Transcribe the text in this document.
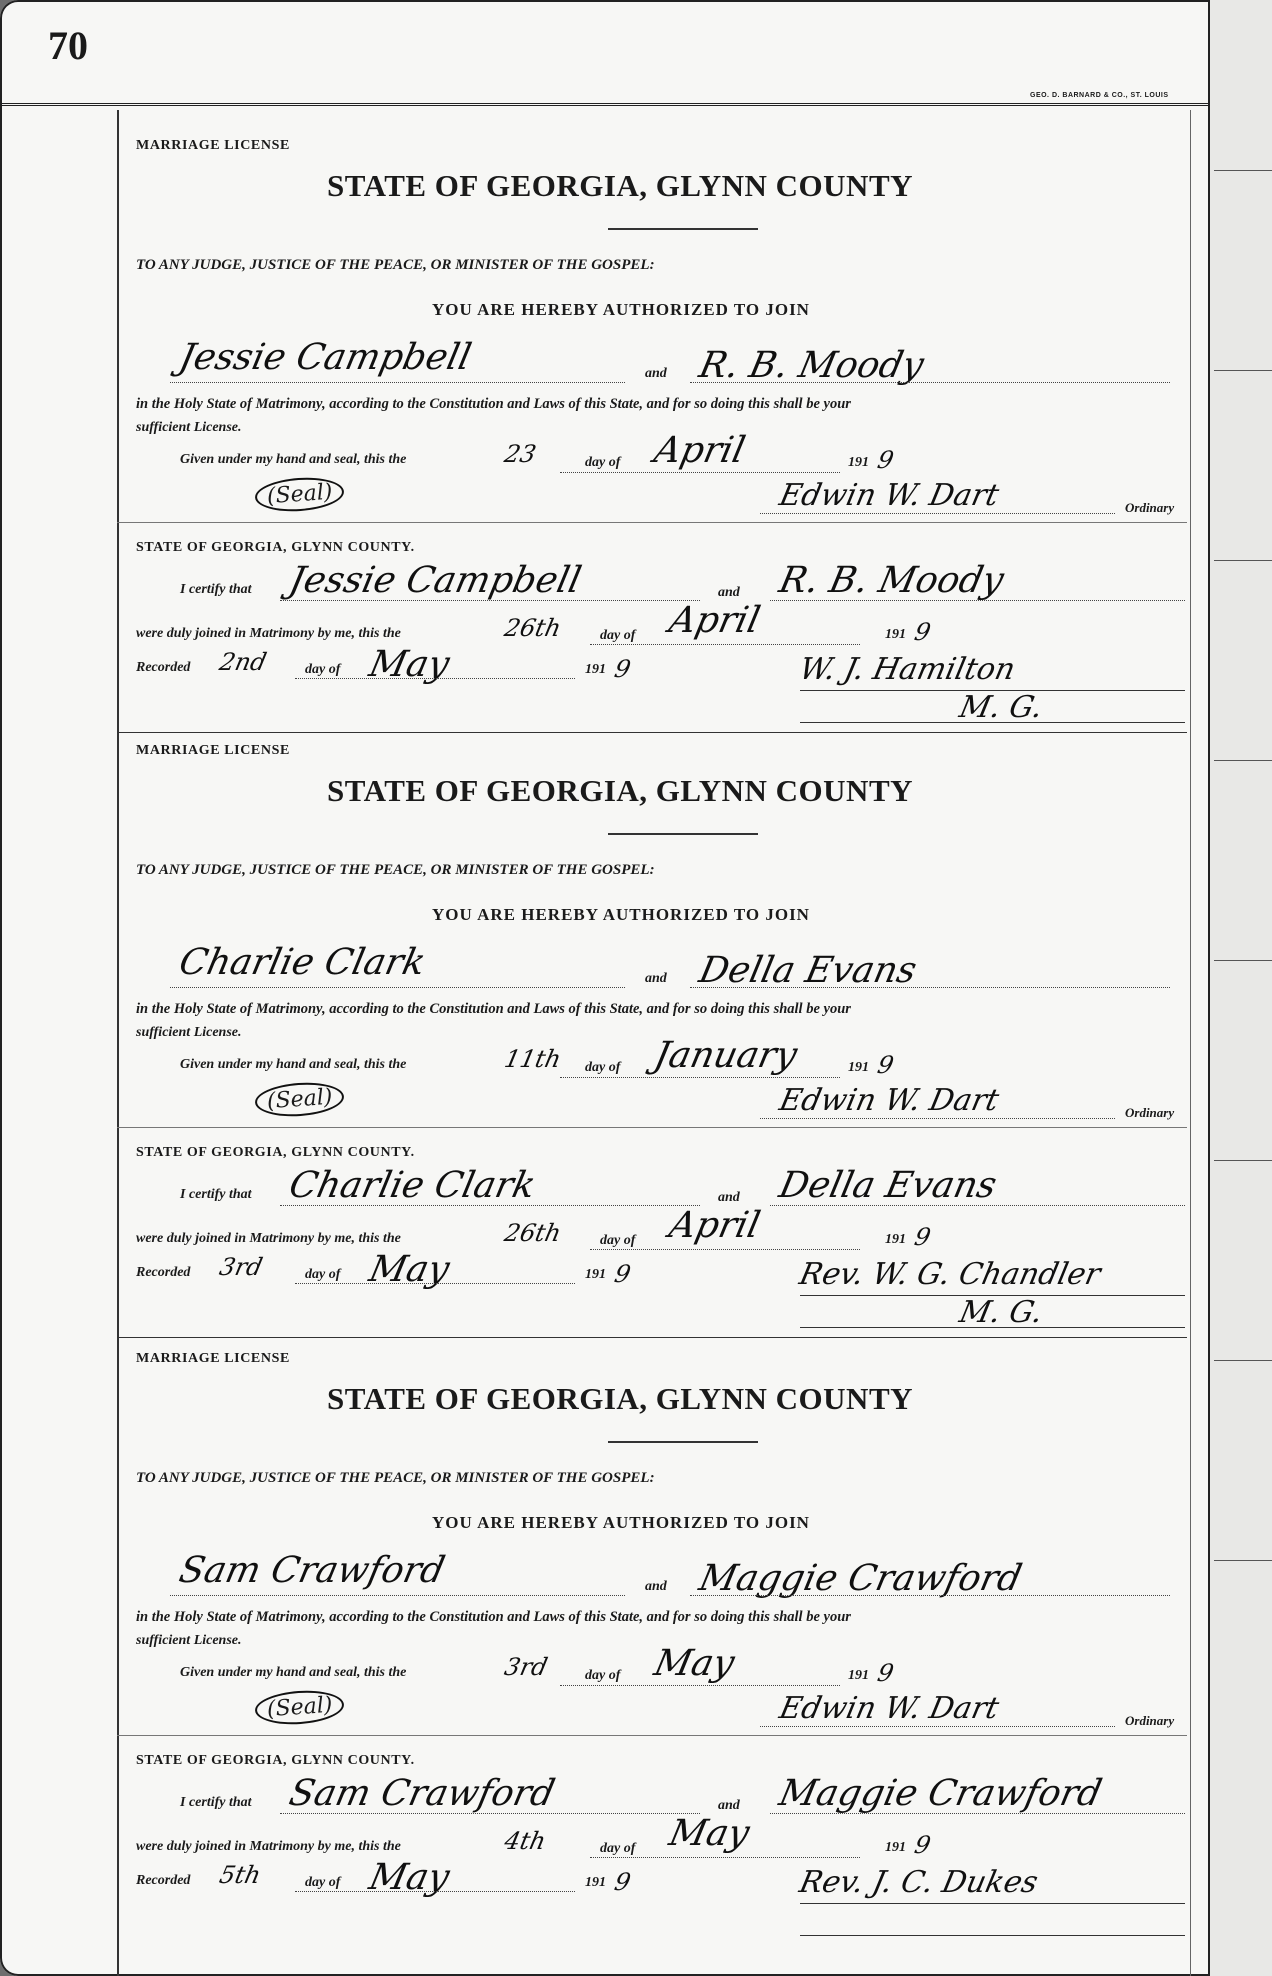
70
GEO. D. BARNARD & CO., ST. LOUIS
MARRIAGE LICENSE
STATE OF GEORGIA, GLYNN COUNTY
TO ANY JUDGE, JUSTICE OF THE PEACE, OR MINISTER OF THE GOSPEL:
YOU ARE HEREBY AUTHORIZED TO JOIN
Jessie Campbell	and R. B. Moody
in the Holy State of Matrimony, according to the Constitution and Laws of this State, and for so doing this shall be your
sufficient License.
Given under my hand and seal, this the	23	day of April	191 9
(Seal)	Edwin W. Dart	Ordinary
STATE OF GEORGIA, GLYNN COUNTY.
I certify that Jessie Campbell	and R. B. Moody
were duly joined in Matrimony by me, this the	26th	day of April	191 9
Recorded 2nd	day of May	191 9	W. J. Hamilton
M. G.
MARRIAGE LICENSE
STATE OF GEORGIA, GLYNN COUNTY
TO ANY JUDGE, JUSTICE OF THE PEACE, OR MINISTER OF THE GOSPEL:
YOU ARE HEREBY AUTHORIZED TO JOIN
Charlie Clark	and Della Evans
in the Holy State of Matrimony, according to the Constitution and Laws of this State, and for so doing this shall be your
sufficient License.
Given under my hand and seal, this the	11th day of January	191 9
(Seal)	Edwin W. Dart	Ordinary
STATE OF GEORGIA, GLYNN COUNTY.
I certify that Charlie Clark	and Della Evans
were duly joined in Matrimony by me, this the	26th	day of April	191 9
Recorded 3rd	day of May	191 9	Rev. W. G. Chandler
M. G.
MARRIAGE LICENSE
STATE OF GEORGIA, GLYNN COUNTY
TO ANY JUDGE, JUSTICE OF THE PEACE, OR MINISTER OF THE GOSPEL:
YOU ARE HEREBY AUTHORIZED TO JOIN
Sam Crawford	and Maggie Crawford
in the Holy State of Matrimony, according to the Constitution and Laws of this State, and for so doing this shall be your
sufficient License.
Given under my hand and seal, this the	3rd day of May	191 9
(Seal)	Edwin W. Dart	Ordinary
STATE OF GEORGIA, GLYNN COUNTY.
I certify that Sam Crawford	and Maggie Crawford
were duly joined in Matrimony by me, this the	4th	day of May	191 9
Recorded 5th	day of May	191 9	Rev. J. C. Dukes
